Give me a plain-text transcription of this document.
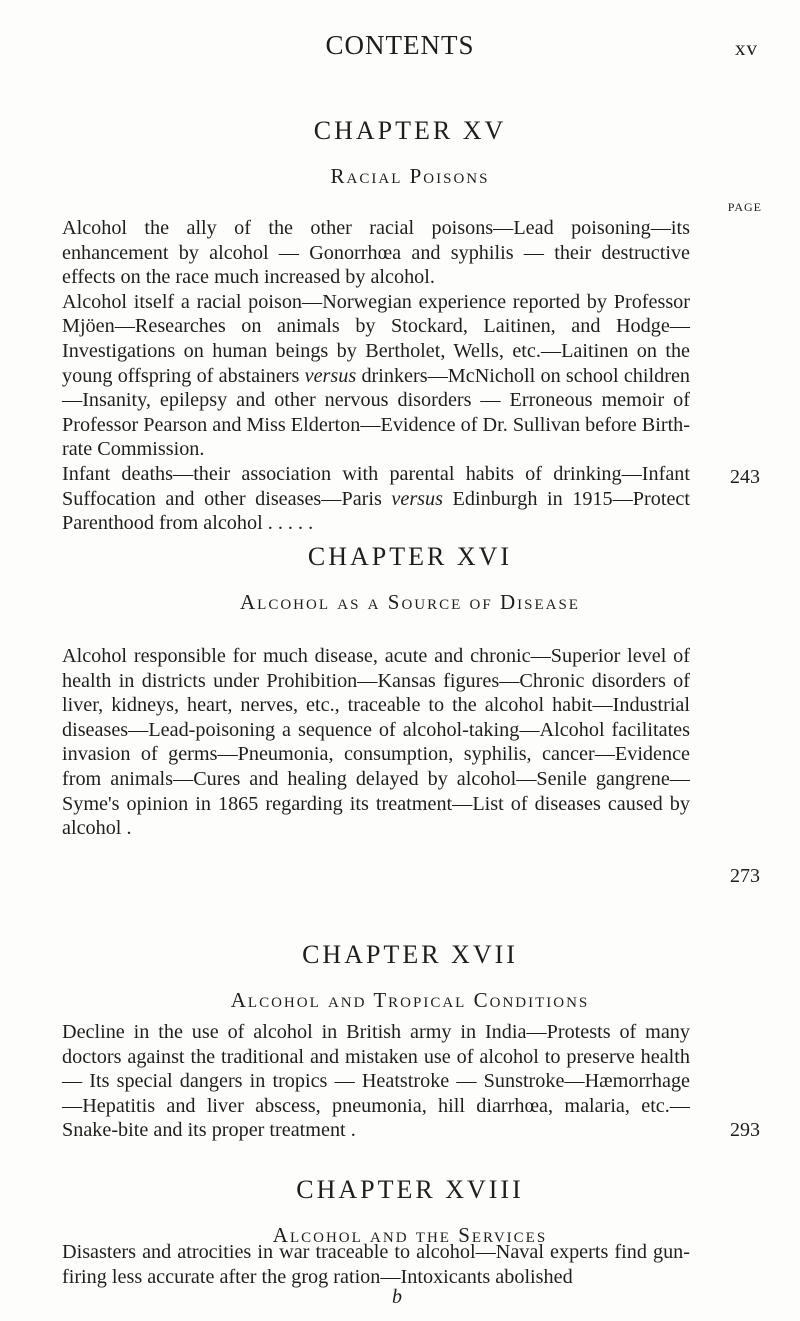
CONTENTS	xv
CHAPTER XV
Racial Poisons
PAGE

Alcohol the ally of the other racial poisons—Lead poisoning—its enhancement by alcohol — Gonorrhœa and syphilis — their destructive effects on the race much increased by alcohol.

Alcohol itself a racial poison—Norwegian experience reported by Professor Mjöen—Researches on animals by Stockard, Laitinen, and Hodge—Investigations on human beings by Bertholet, Wells, etc.—Laitinen on the young offspring of abstainers versus drinkers—McNicholl on school children—Insanity, epilepsy and other nervous disorders — Erroneous memoir of Professor Pearson and Miss Elderton—Evidence of Dr. Sullivan before Birth-rate Commission.

Infant deaths—their association with parental habits of drinking—Infant Suffocation and other diseases—Paris versus Edinburgh in 1915—Protect Parenthood from alcohol . . . . .

243
CHAPTER XVI
Alcohol as a Source of Disease

Alcohol responsible for much disease, acute and chronic—Superior level of health in districts under Prohibition—Kansas figures—Chronic disorders of liver, kidneys, heart, nerves, etc., traceable to the alcohol habit—Industrial diseases—Lead-poisoning a sequence of alcohol-taking—Alcohol facilitates invasion of germs—Pneumonia, consumption, syphilis, cancer—Evidence from animals—Cures and healing delayed by alcohol—Senile gangrene—Syme's opinion in 1865 regarding its treatment—List of diseases caused by alcohol .

273
CHAPTER XVII
Alcohol and Tropical Conditions

Decline in the use of alcohol in British army in India—Protests of many doctors against the traditional and mistaken use of alcohol to preserve health — Its special dangers in tropics — Heatstroke — Sunstroke—Hæmorrhage—Hepatitis and liver abscess, pneumonia, hill diarrhœa, malaria, etc.—Snake-bite and its proper treatment .	293
CHAPTER XVIII
Alcohol and the Services

Disasters and atrocities in war traceable to alcohol—Naval experts find gun-firing less accurate after the grog ration—Intoxicants abolished

b
